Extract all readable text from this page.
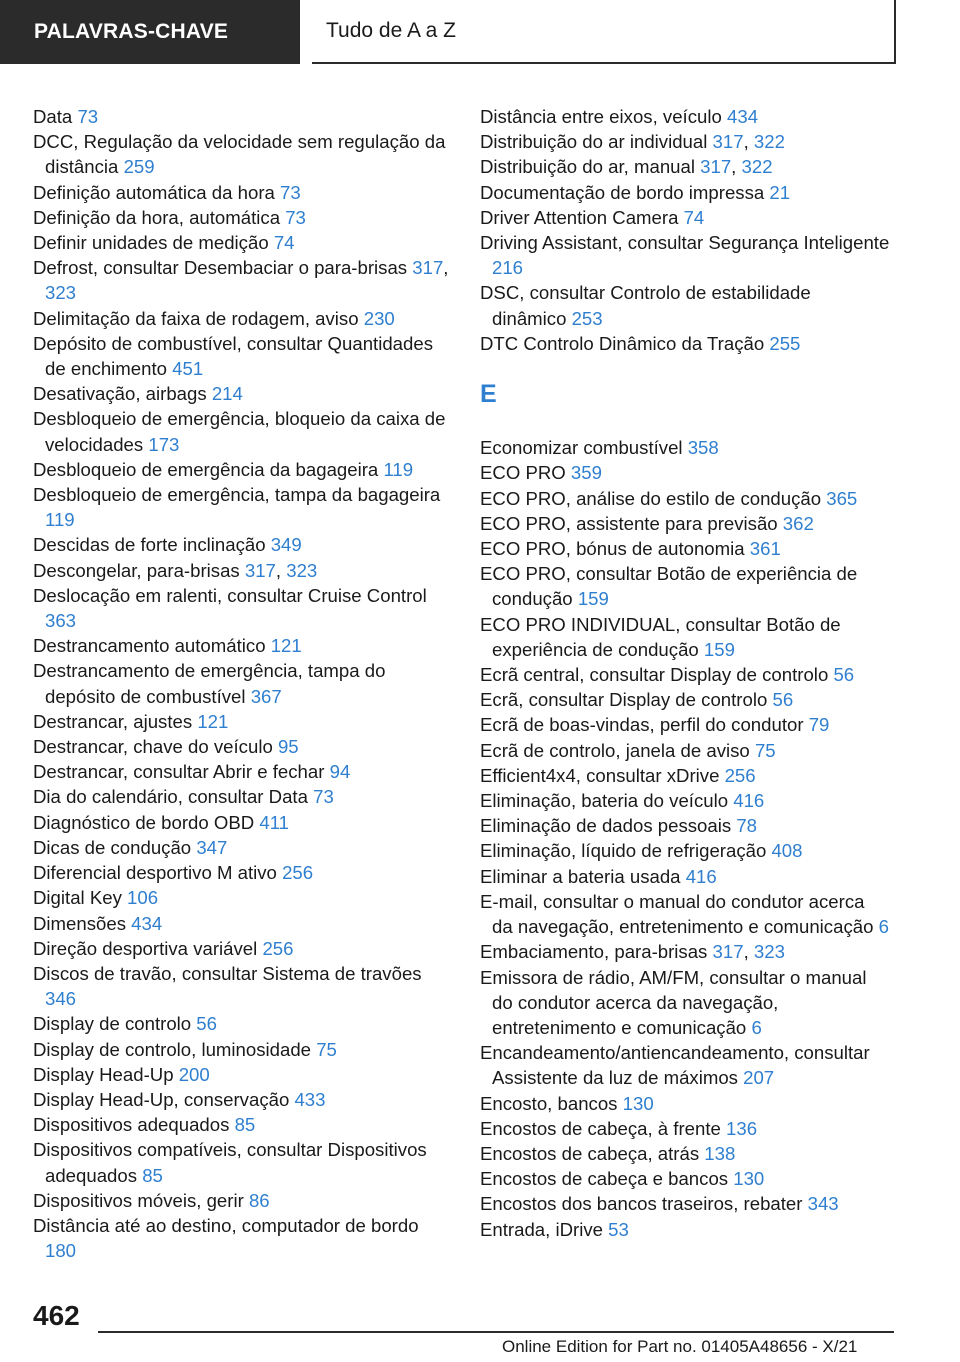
PALAVRAS-CHAVE	Tudo de A a Z

Data 73

DCC, Regulação da velocidade sem regulação da distância 259

Definição automática da hora 73

Definição da hora, automática 73

Definir unidades de medição 74

Defrost, consultar Desembaciar o para-brisas 317, 323

Delimitação da faixa de rodagem, aviso 230

Depósito de combustível, consultar Quantidades de enchimento 451

Desativação, airbags 214

Desbloqueio de emergência, bloqueio da caixa de velocidades 173

Desbloqueio de emergência da bagageira 119

Desbloqueio de emergência, tampa da bagageira 119

Descidas de forte inclinação 349

Descongelar, para-brisas 317, 323

Deslocação em ralenti, consultar Cruise Control 363

Destrancamento automático 121

Destrancamento de emergência, tampa do depósito de combustível 367

Destrancar, ajustes 121

Destrancar, chave do veículo 95

Destrancar, consultar Abrir e fechar 94

Dia do calendário, consultar Data 73

Diagnóstico de bordo OBD 411

Dicas de condução 347

Diferencial desportivo M ativo 256

Digital Key 106

Dimensões 434

Direção desportiva variável 256

Discos de travão, consultar Sistema de travões 346

Display de controlo 56

Display de controlo, luminosidade 75

Display Head-Up 200

Display Head-Up, conservação 433

Dispositivos adequados 85

Dispositivos compatíveis, consultar Dispositivos adequados 85

Dispositivos móveis, gerir 86

Distância até ao destino, computador de bordo 180

Distância entre eixos, veículo 434

Distribuição do ar individual 317, 322

Distribuição do ar, manual 317, 322

Documentação de bordo impressa 21

Driver Attention Camera 74

Driving Assistant, consultar Segurança Inteligente 216

DSC, consultar Controlo de estabilidade dinâmico 253

DTC Controlo Dinâmico da Tração 255

E

Economizar combustível 358

ECO PRO 359

ECO PRO, análise do estilo de condução 365

ECO PRO, assistente para previsão 362

ECO PRO, bónus de autonomia 361

ECO PRO, consultar Botão de experiência de condução 159

ECO PRO INDIVIDUAL, consultar Botão de experiência de condução 159

Ecrã central, consultar Display de controlo 56

Ecrã, consultar Display de controlo 56

Ecrã de boas-vindas, perfil do condutor 79

Ecrã de controlo, janela de aviso 75

Efficient4x4, consultar xDrive 256

Eliminação, bateria do veículo 416

Eliminação de dados pessoais 78

Eliminação, líquido de refrigeração 408

Eliminar a bateria usada 416

E-mail, consultar o manual do condutor acerca da navegação, entretenimento e comunicação 6

Embaciamento, para-brisas 317, 323

Emissora de rádio, AM/FM, consultar o manual do condutor acerca da navegação, entretenimento e comunicação 6

Encandeamento/antiencandeamento, consultar Assistente da luz de máximos 207

Encosto, bancos 130

Encostos de cabeça, à frente 136

Encostos de cabeça, atrás 138

Encostos de cabeça e bancos 130

Encostos dos bancos traseiros, rebater 343

Entrada, iDrive 53

462
Online Edition for Part no. 01405A48656 - X/21
